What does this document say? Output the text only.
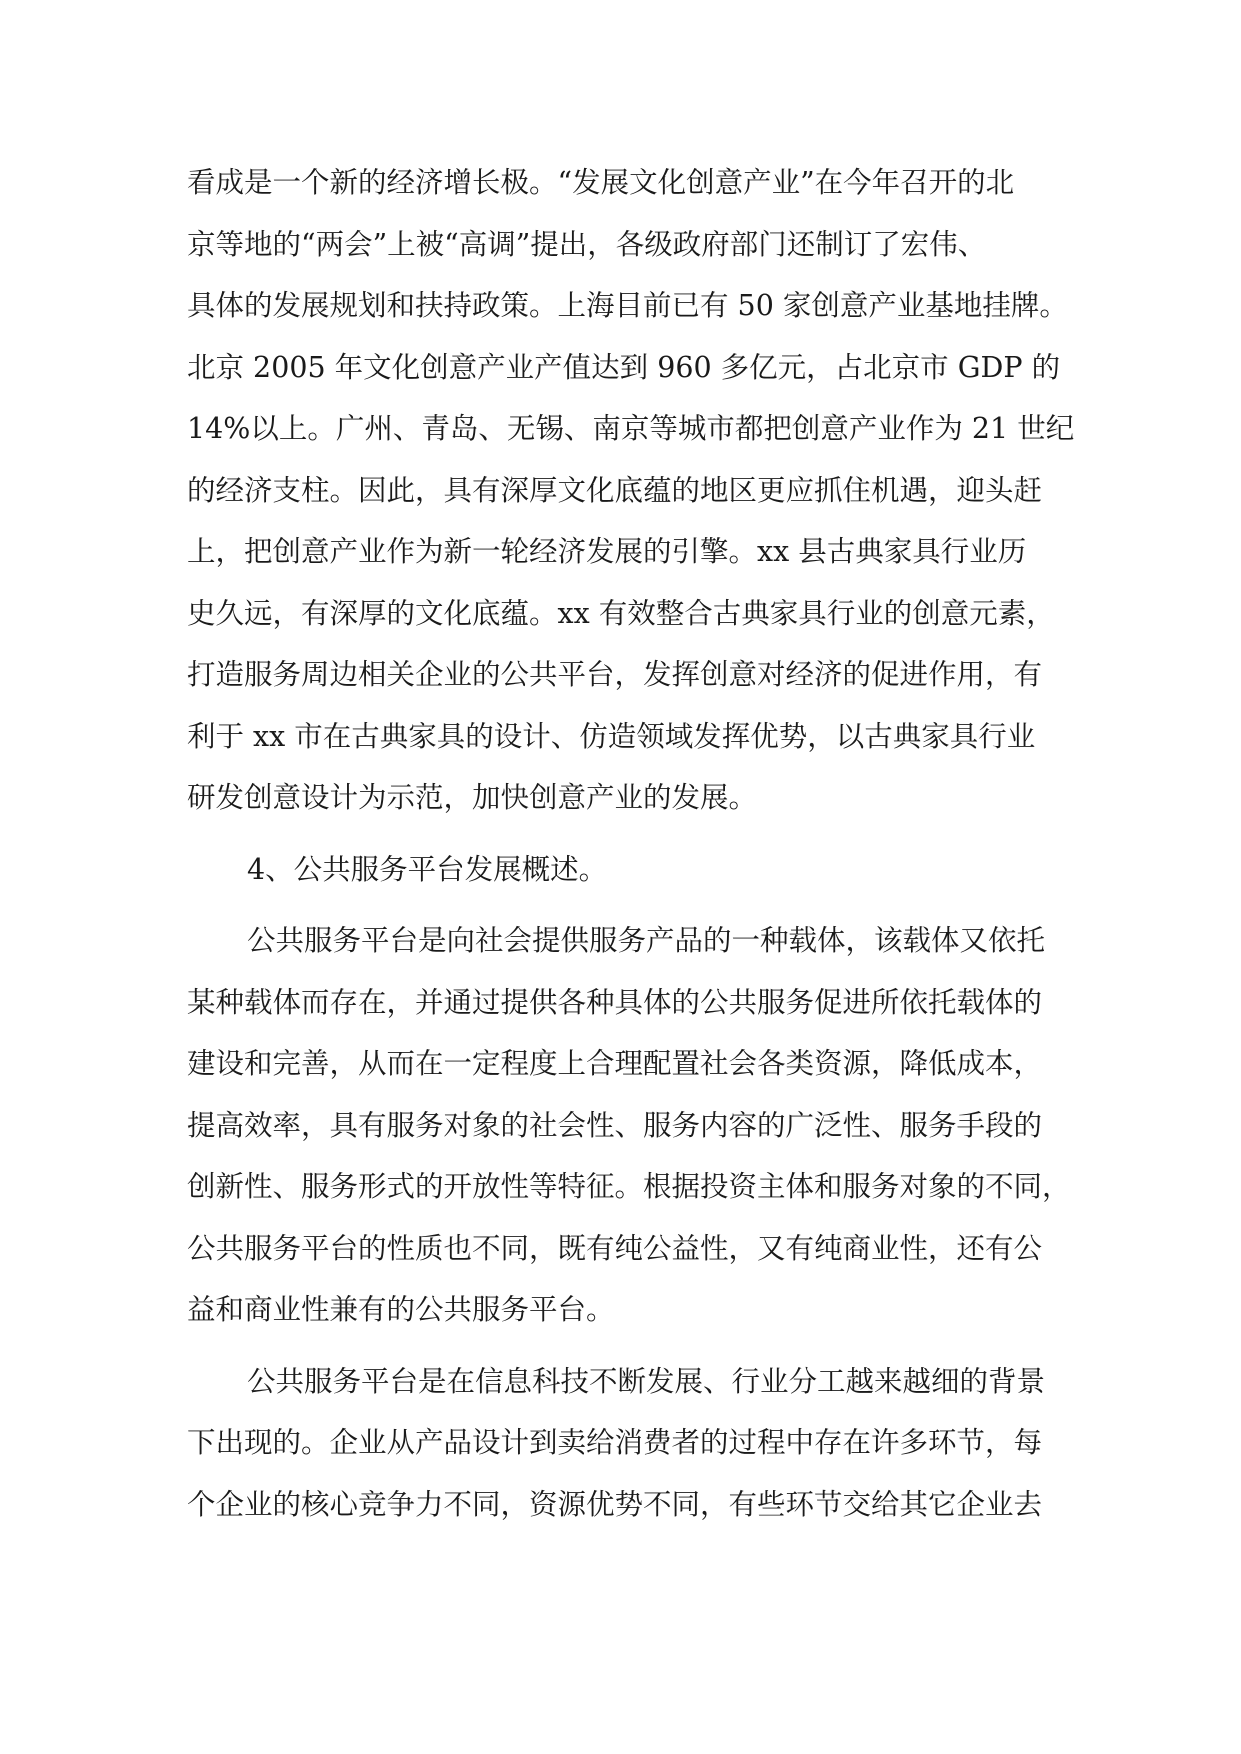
看成是一个新的经济增长极。“发展文化创意产业”在今年召开的北
京等地的“两会”上被“高调”提出，各级政府部门还制订了宏伟、
具体的发展规划和扶持政策。上海目前已有 50 家创意产业基地挂牌。
北京 2005 年文化创意产业产值达到 960 多亿元，占北京市 GDP 的
14%以上。广州、青岛、无锡、南京等城市都把创意产业作为 21 世纪
的经济支柱。因此，具有深厚文化底蕴的地区更应抓住机遇，迎头赶
上，把创意产业作为新一轮经济发展的引擎。xx 县古典家具行业历
史久远，有深厚的文化底蕴。xx 有效整合古典家具行业的创意元素，
打造服务周边相关企业的公共平台，发挥创意对经济的促进作用，有
利于 xx 市在古典家具的设计、仿造领域发挥优势，以古典家具行业
研发创意设计为示范，加快创意产业的发展。
4、公共服务平台发展概述。
公共服务平台是向社会提供服务产品的一种载体，该载体又依托
某种载体而存在，并通过提供各种具体的公共服务促进所依托载体的
建设和完善，从而在一定程度上合理配置社会各类资源，降低成本，
提高效率，具有服务对象的社会性、服务内容的广泛性、服务手段的
创新性、服务形式的开放性等特征。根据投资主体和服务对象的不同，
公共服务平台的性质也不同，既有纯公益性，又有纯商业性，还有公
益和商业性兼有的公共服务平台。
公共服务平台是在信息科技不断发展、行业分工越来越细的背景
下出现的。企业从产品设计到卖给消费者的过程中存在许多环节，每
个企业的核心竞争力不同，资源优势不同，有些环节交给其它企业去
